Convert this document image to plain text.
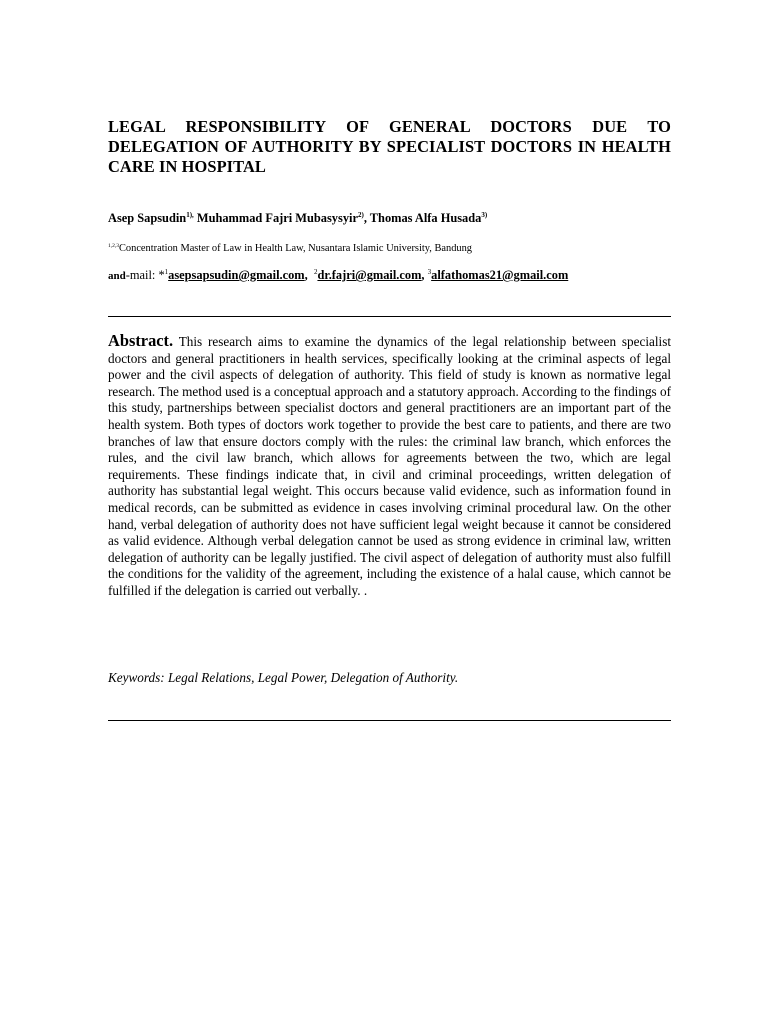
LEGAL RESPONSIBILITY OF GENERAL DOCTORS DUE TO DELEGATION OF AUTHORITY BY SPECIALIST DOCTORS IN HEALTH CARE IN HOSPITAL

Asep Sapsudin$^{1),}$ Muhammad Fajri Mubasysyir$^{2)}$, Thomas Alfa Husada$^{3)}$

$^{1,2,3}$Concentration Master of Law in Health Law, Nusantara Islamic University, Bandung

and-mail: *$^1$asepsapsudin@gmail.com,  $^2$dr.fajri@gmail.com, $^3$alfathomas21@gmail.com

Abstract. This research aims to examine the dynamics of the legal relationship between specialist doctors and general practitioners in health services, specifically looking at the criminal aspects of legal power and the civil aspects of delegation of authority. This field of study is known as normative legal research. The method used is a conceptual approach and a statutory approach. According to the findings of this study, partnerships between specialist doctors and general practitioners are an important part of the health system. Both types of doctors work together to provide the best care to patients, and there are two branches of law that ensure doctors comply with the rules: the criminal law branch, which enforces the rules, and the civil law branch, which allows for agreements between the two, which are legal requirements. These findings indicate that, in civil and criminal proceedings, written delegation of authority has substantial legal weight. This occurs because valid evidence, such as information found in medical records, can be submitted as evidence in cases involving criminal procedural law. On the other hand, verbal delegation of authority does not have sufficient legal weight because it cannot be considered as valid evidence. Although verbal delegation cannot be used as strong evidence in criminal law, written delegation of authority can be legally justified. The civil aspect of delegation of authority must also fulfill the conditions for the validity of the agreement, including the existence of a halal cause, which cannot be fulfilled if the delegation is carried out verbally. .

Keywords: Legal Relations, Legal Power, Delegation of Authority.
